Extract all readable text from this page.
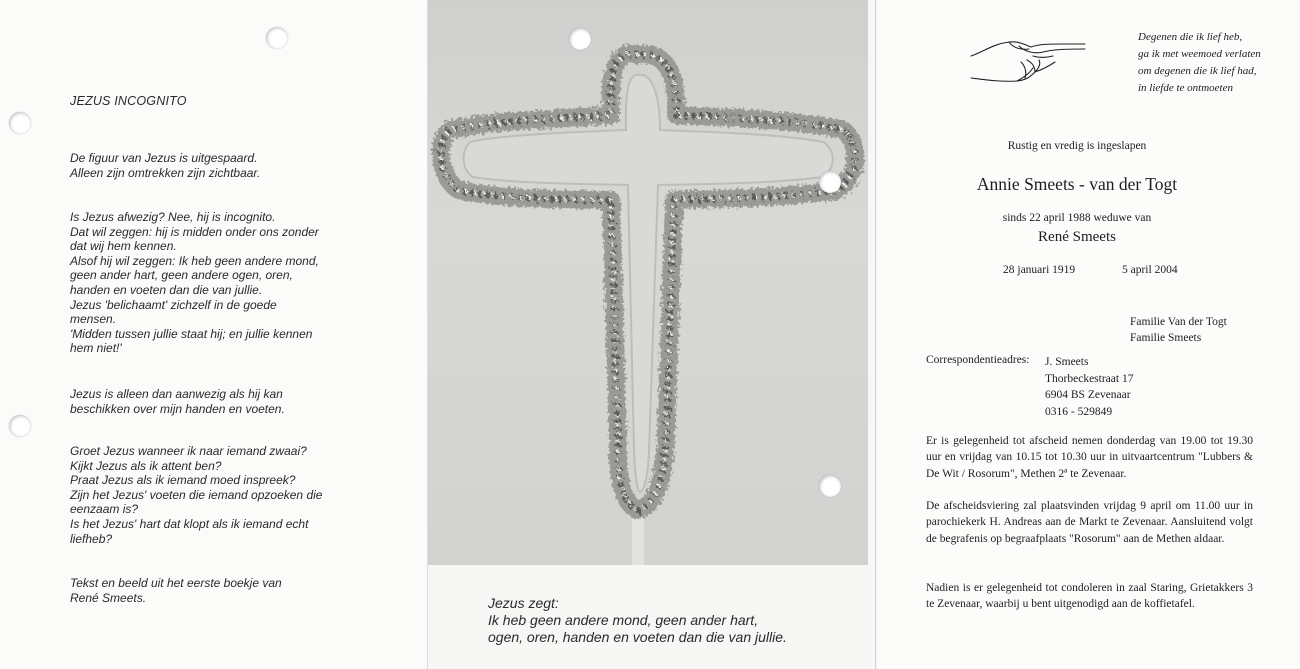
JEZUS INCOGNITO

De figuur van Jezus is uitgespaard.
Alleen zijn omtrekken zijn zichtbaar.

Is Jezus afwezig? Nee, hij is incognito.
Dat wil zeggen: hij is midden onder ons zonder
dat wij hem kennen.
Alsof hij wil zeggen: Ik heb geen andere mond,
geen ander hart, geen andere ogen, oren,
handen en voeten dan die van jullie.
Jezus 'belichaamt' zichzelf in de goede
mensen.
'Midden tussen jullie staat hij; en jullie kennen
hem niet!'

Jezus is alleen dan aanwezig als hij kan
beschikken over mijn handen en voeten.

Groet Jezus wanneer ik naar iemand zwaai?
Kijkt Jezus als ik attent ben?
Praat Jezus als ik iemand moed inspreek?
Zijn het Jezus' voeten die iemand opzoeken die
eenzaam is?
Is het Jezus' hart dat klopt als ik iemand echt
liefheb?

Tekst en beeld uit het eerste boekje van
René Smeets.	Jezus zegt:
Ik heb geen andere mond, geen ander hart,
ogen, oren, handen en voeten dan die van jullie.
Degenen die ik lief heb,
ga ik met weemoed verlaten
om degenen die ik lief had,
in liefde te ontmoeten
Rustig en vredig is ingeslapen
Annie Smeets - van der Togt
sinds 22 april 1988 weduwe van
René Smeets
28 januari 1919	5 april 2004
Familie Van der Togt
Familie Smeets
Correspondentieadres: J. Smeets
Thorbeckestraat 17
6904 BS Zevenaar
0316 - 529849
Er is gelegenheid tot afscheid nemen donderdag van 19.00 tot 19.30 uur en vrijdag van 10.15 tot 10.30 uur in uitvaartcentrum "Lubbers & De Wit / Rosorum", Methen 2ª te Zevenaar.
De afscheidsviering zal plaatsvinden vrijdag 9 april om 11.00 uur in parochiekerk H. Andreas aan de Markt te Zevenaar. Aansluitend volgt de begrafenis op begraafplaats "Rosorum" aan de Methen aldaar.
Nadien is er gelegenheid tot condoleren in zaal Staring, Grietakkers 3 te Zevenaar, waarbij u bent uitgenodigd aan de koffietafel.
